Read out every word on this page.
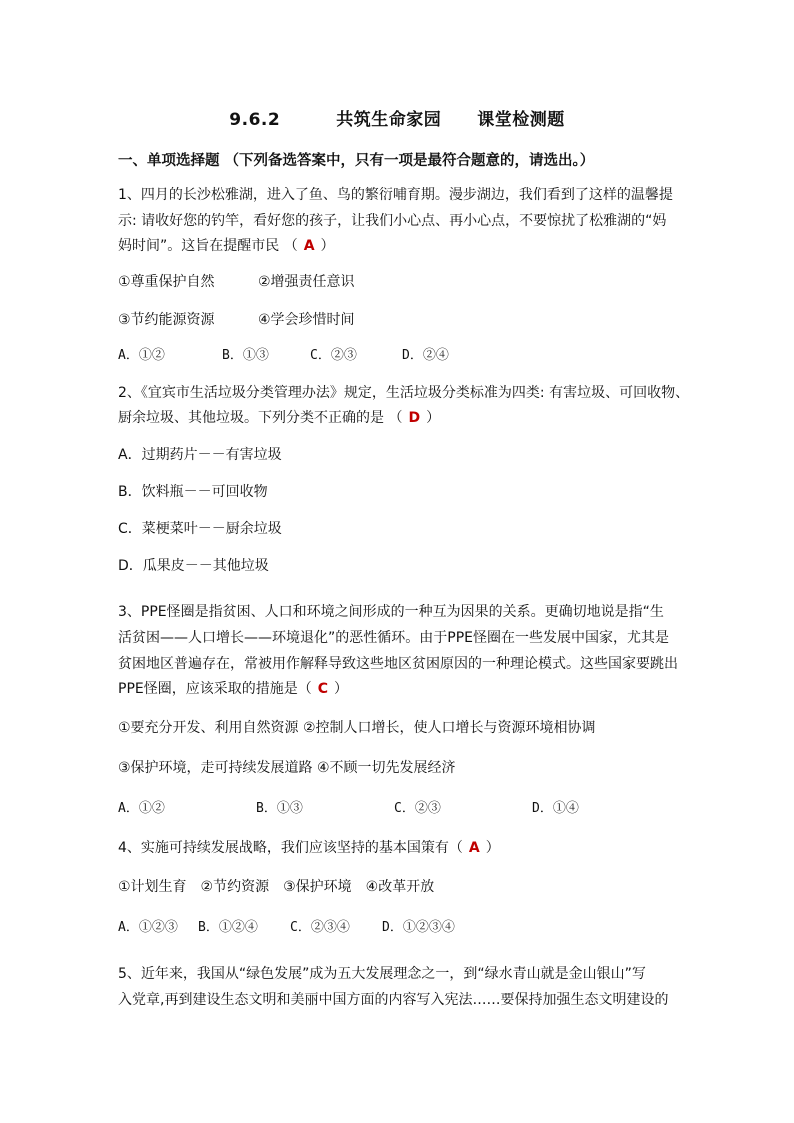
9.6.2	共筑生命家园 课堂检测题
一、单项选择题 （下列备选答案中，只有一项是最符合题意的，请选出。）
1、四月的长沙松雅湖，进入了鱼、鸟的繁衍哺育期。漫步湖边，我们看到了这样的温馨提
示: 请收好您的钓竿，看好您的孩子，让我们小心点、再小心点，不要惊扰了松雅湖的“妈
妈时间”。这旨在提醒市民 （ A ）
①尊重保护自然	②增强责任意识
③节约能源资源	④学会珍惜时间
A．①②	B．①③	C．②③	D．②④
2、《宜宾市生活垃圾分类管理办法》规定，生活垃圾分类标准为四类: 有害垃圾、可回收物、
厨余垃圾、其他垃圾。下列分类不正确的是 （ D ）
A．过期药片－－有害垃圾
B．饮料瓶－－可回收物
C．菜梗菜叶－－厨余垃圾
D．瓜果皮－－其他垃圾
3、PPE怪圈是指贫困、人口和环境之间形成的一种互为因果的关系。更确切地说是指“生
活贫困——人口增长——环境退化”的恶性循环。由于PPE怪圈在一些发展中国家，尤其是
贫困地区普遍存在，常被用作解释导致这些地区贫困原因的一种理论模式。这些国家要跳出
PPE怪圈，应该采取的措施是（ C ）
①要充分开发、利用自然资源 ②控制人口增长，使人口增长与资源环境相协调
③保护环境，走可持续发展道路 ④不顾一切先发展经济
A．①②	B．①③	C．②③	D．①④
4、实施可持续发展战略，我们应该坚持的基本国策有（ A ）
①计划生育　②节约资源　③保护环境　④改革开放
A．①②③ B．①②④ C．②③④ D．①②③④
5、近年来，我国从“绿色发展”成为五大发展理念之一，到“绿水青山就是金山银山”写
入党章,再到建设生态文明和美丽中国方面的内容写入宪法……要保持加强生态文明建设的
